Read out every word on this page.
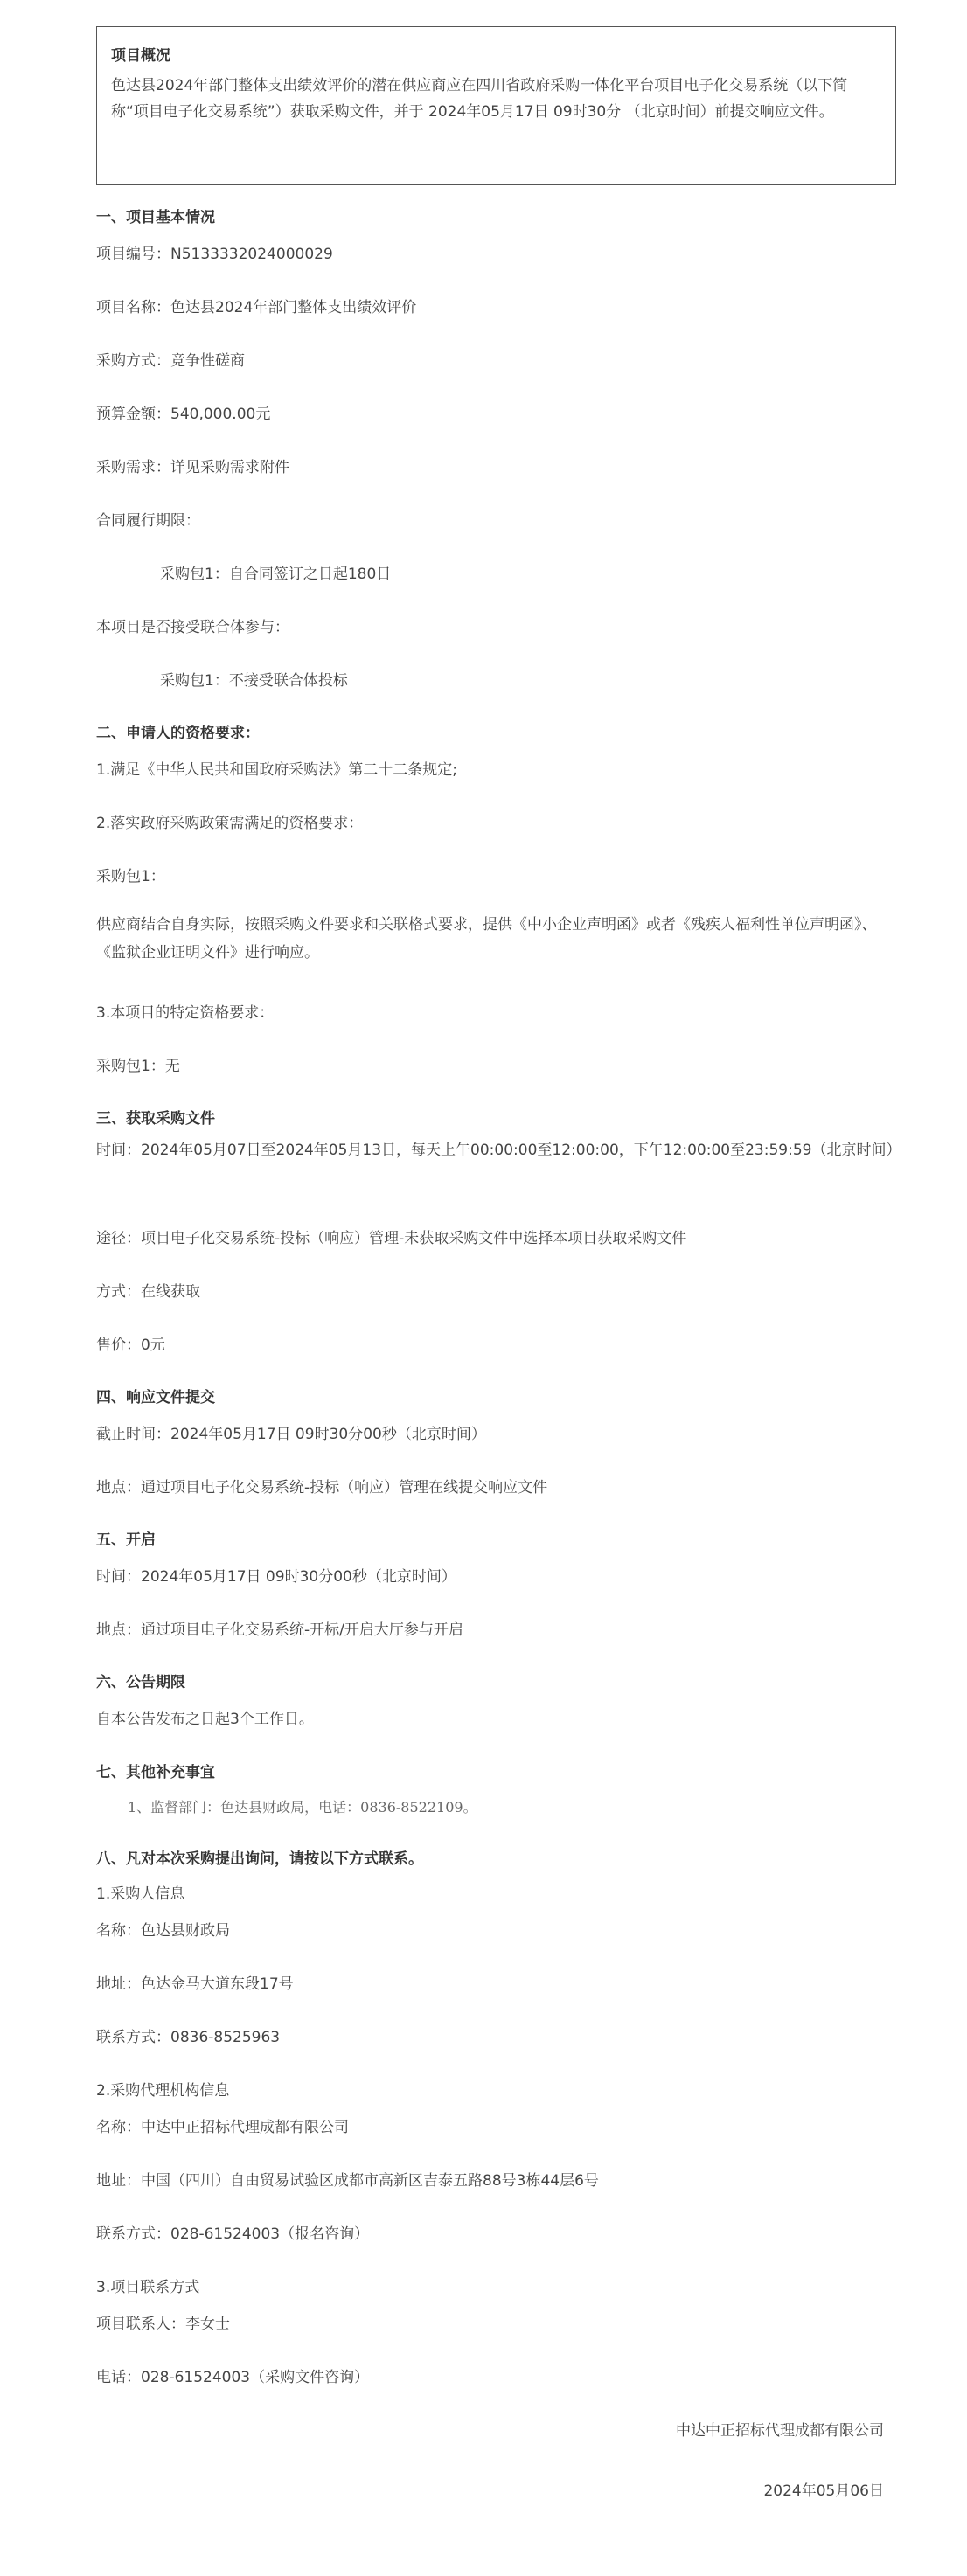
项目概况
色达县2024年部门整体支出绩效评价的潜在供应商应在四川省政府采购一体化平台项目电子化交易系统（以下简称“项目电子化交易系统”）获取采购文件，并于 2024年05月17日 09时30分 （北京时间）前提交响应文件。
一、项目基本情况
项目编号：N5133332024000029
项目名称：色达县2024年部门整体支出绩效评价
采购方式：竞争性磋商
预算金额：540,000.00元
采购需求：详见采购需求附件
合同履行期限：
采购包1：自合同签订之日起180日
本项目是否接受联合体参与：
采购包1：不接受联合体投标
二、申请人的资格要求：
1.满足《中华人民共和国政府采购法》第二十二条规定;
2.落实政府采购政策需满足的资格要求：
采购包1：
供应商结合自身实际，按照采购文件要求和关联格式要求，提供《中小企业声明函》或者《残疾人福利性单位声明函》、《监狱企业证明文件》进行响应。
3.本项目的特定资格要求：
采购包1：无
三、获取采购文件
时间：2024年05月07日至2024年05月13日，每天上午00:00:00至12:00:00，下午12:00:00至23:59:59（北京时间）
途径：项目电子化交易系统-投标（响应）管理-未获取采购文件中选择本项目获取采购文件
方式：在线获取
售价：0元
四、响应文件提交
截止时间：2024年05月17日 09时30分00秒（北京时间）
地点：通过项目电子化交易系统-投标（响应）管理在线提交响应文件
五、开启
时间：2024年05月17日 09时30分00秒（北京时间）
地点：通过项目电子化交易系统-开标/开启大厅参与开启
六、公告期限
自本公告发布之日起3个工作日。
七、其他补充事宜
1、监督部门：色达县财政局，电话：0836-8522109。
八、凡对本次采购提出询问，请按以下方式联系。
1.采购人信息
名称：色达县财政局
地址：色达金马大道东段17号
联系方式：0836-8525963
2.采购代理机构信息
名称：中达中正招标代理成都有限公司
地址：中国（四川）自由贸易试验区成都市高新区吉泰五路88号3栋44层6号
联系方式：028-61524003（报名咨询）
3.项目联系方式
项目联系人：李女士
电话：028-61524003（采购文件咨询）
中达中正招标代理成都有限公司
2024年05月06日
